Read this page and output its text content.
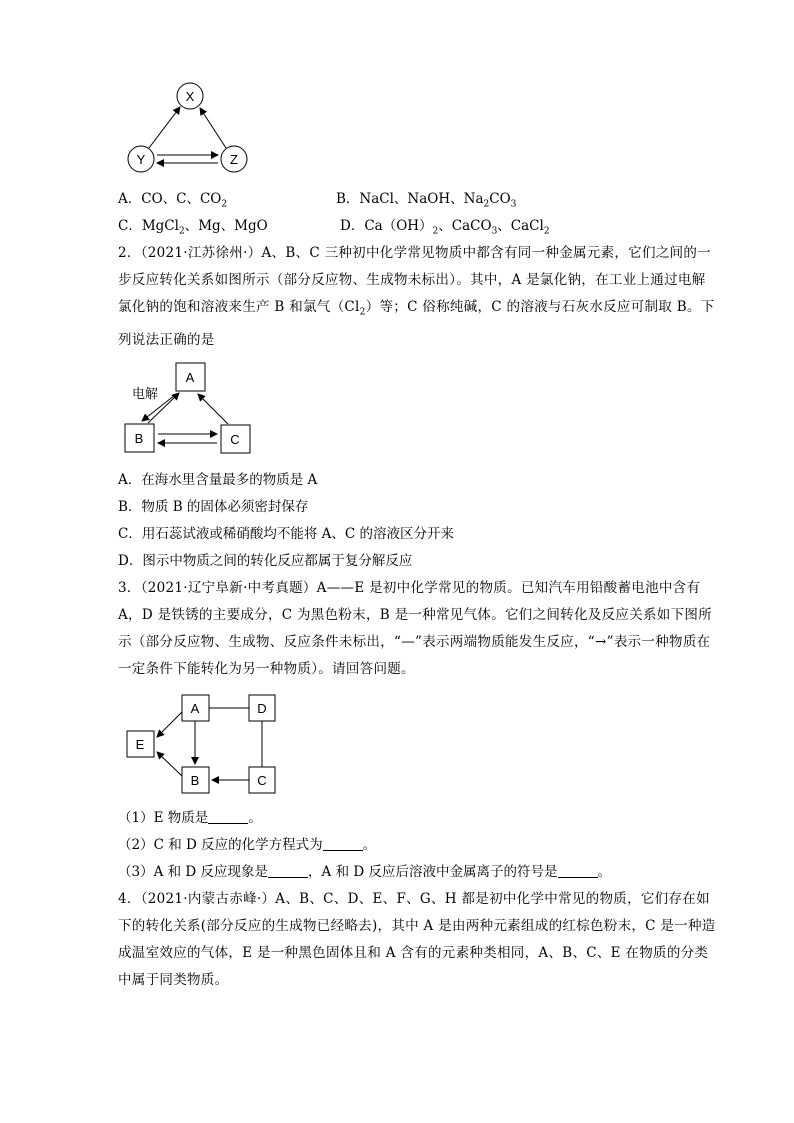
X
Y	Z
A．CO、C、$CO_2$	B．NaCl、NaOH、$Na_2CO_3$
C．MgCl$_2$、Mg、MgO	D．$Ca(OH)_2$、CaCO$_3$、CaCl$_2$
2．（2021·江苏徐州·）A、B、C 三种初中化学常见物质中都含有同一种金属元素，它们之间的一步反应转化关系如图所示（部分反应物、生成物未标出）。其中，A 是氯化钠，在工业上通过电解氯化钠的饱和溶液来生产 B 和氯气$(Cl_2)$等；C 俗称纯碱，C 的溶液与石灰水反应可制取 B。下列说法正确的是
A
B	C
电解
A．在海水里含量最多的物质是 A
B．物质 B 的固体必须密封保存
C．用石蕊试液或稀硝酸均不能将 A、C 的溶液区分开来
D．图示中物质之间的转化反应都属于复分解反应
3．（2021·辽宁阜新·中考真题）A——E 是初中化学常见的物质。已知汽车用铅酸蓄电池中含有 A，D 是铁锈的主要成分，C 为黑色粉末，B 是一种常见气体。它们之间转化及反应关系如下图所示（部分反应物、生成物、反应条件未标出，“—”表示两端物质能发生反应，“→”表示一种物质在一定条件下能转化为另一种物质）。请回答问题。
A	D
E
B	C
（1）E 物质是	。
（2）C 和 D 反应的化学方程式为	。
（3）A 和 D 反应现象是	，A 和 D 反应后溶液中金属离子的符号是	。
4．（2021·内蒙古赤峰·）A、B、C、D、E、F、G、H 都是初中化学中常见的物质，它们存在如下的转化关系(部分反应的生成物已经略去)，其中 A 是由两种元素组成的红棕色粉末，C 是一种造成温室效应的气体，E 是一种黑色固体且和 A 含有的元素种类相同，A、B、C、E 在物质的分类中属于同类物质。
